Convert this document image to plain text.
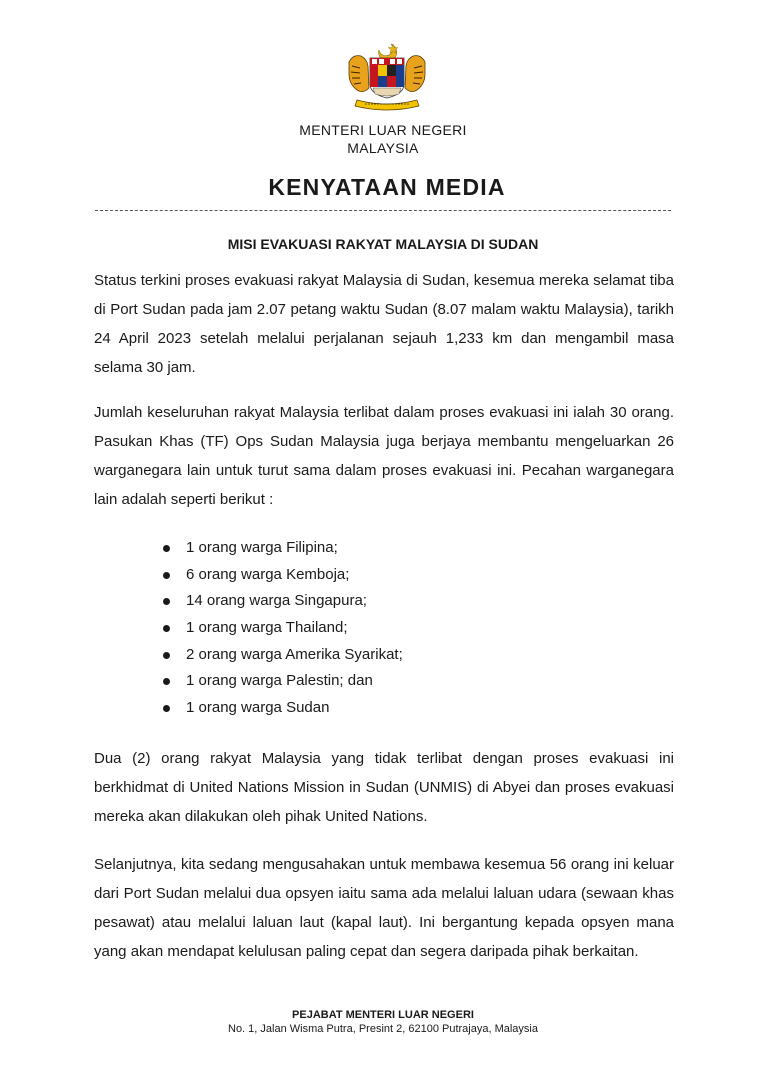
MENTERI LUAR NEGERI
MALAYSIA
KENYATAAN MEDIA
MISI EVAKUASI RAKYAT MALAYSIA DI SUDAN

Status terkini proses evakuasi rakyat Malaysia di Sudan, kesemua mereka selamat tiba di Port Sudan pada jam 2.07 petang waktu Sudan (8.07 malam waktu Malaysia), tarikh 24 April 2023 setelah melalui perjalanan sejauh 1,233 km dan mengambil masa selama 30 jam.

Jumlah keseluruhan rakyat Malaysia terlibat dalam proses evakuasi ini ialah 30 orang. Pasukan Khas (TF) Ops Sudan Malaysia juga berjaya membantu mengeluarkan 26 warganegara lain untuk turut sama dalam proses evakuasi ini. Pecahan warganegara lain adalah seperti berikut :

1 orang warga Filipina;
6 orang warga Kemboja;
14 orang warga Singapura;
1 orang warga Thailand;
2 orang warga Amerika Syarikat;
1 orang warga Palestin; dan
1 orang warga Sudan

Dua (2) orang rakyat Malaysia yang tidak terlibat dengan proses evakuasi ini berkhidmat di United Nations Mission in Sudan (UNMIS) di Abyei dan proses evakuasi mereka akan dilakukan oleh pihak United Nations.

Selanjutnya, kita sedang mengusahakan untuk membawa kesemua 56 orang ini keluar dari Port Sudan melalui dua opsyen iaitu sama ada melalui laluan udara (sewaan khas pesawat) atau melalui laluan laut (kapal laut). Ini bergantung kepada opsyen mana yang akan mendapat kelulusan paling cepat dan segera daripada pihak berkaitan.

PEJABAT MENTERI LUAR NEGERI
No. 1, Jalan Wisma Putra, Presint 2, 62100 Putrajaya, Malaysia
